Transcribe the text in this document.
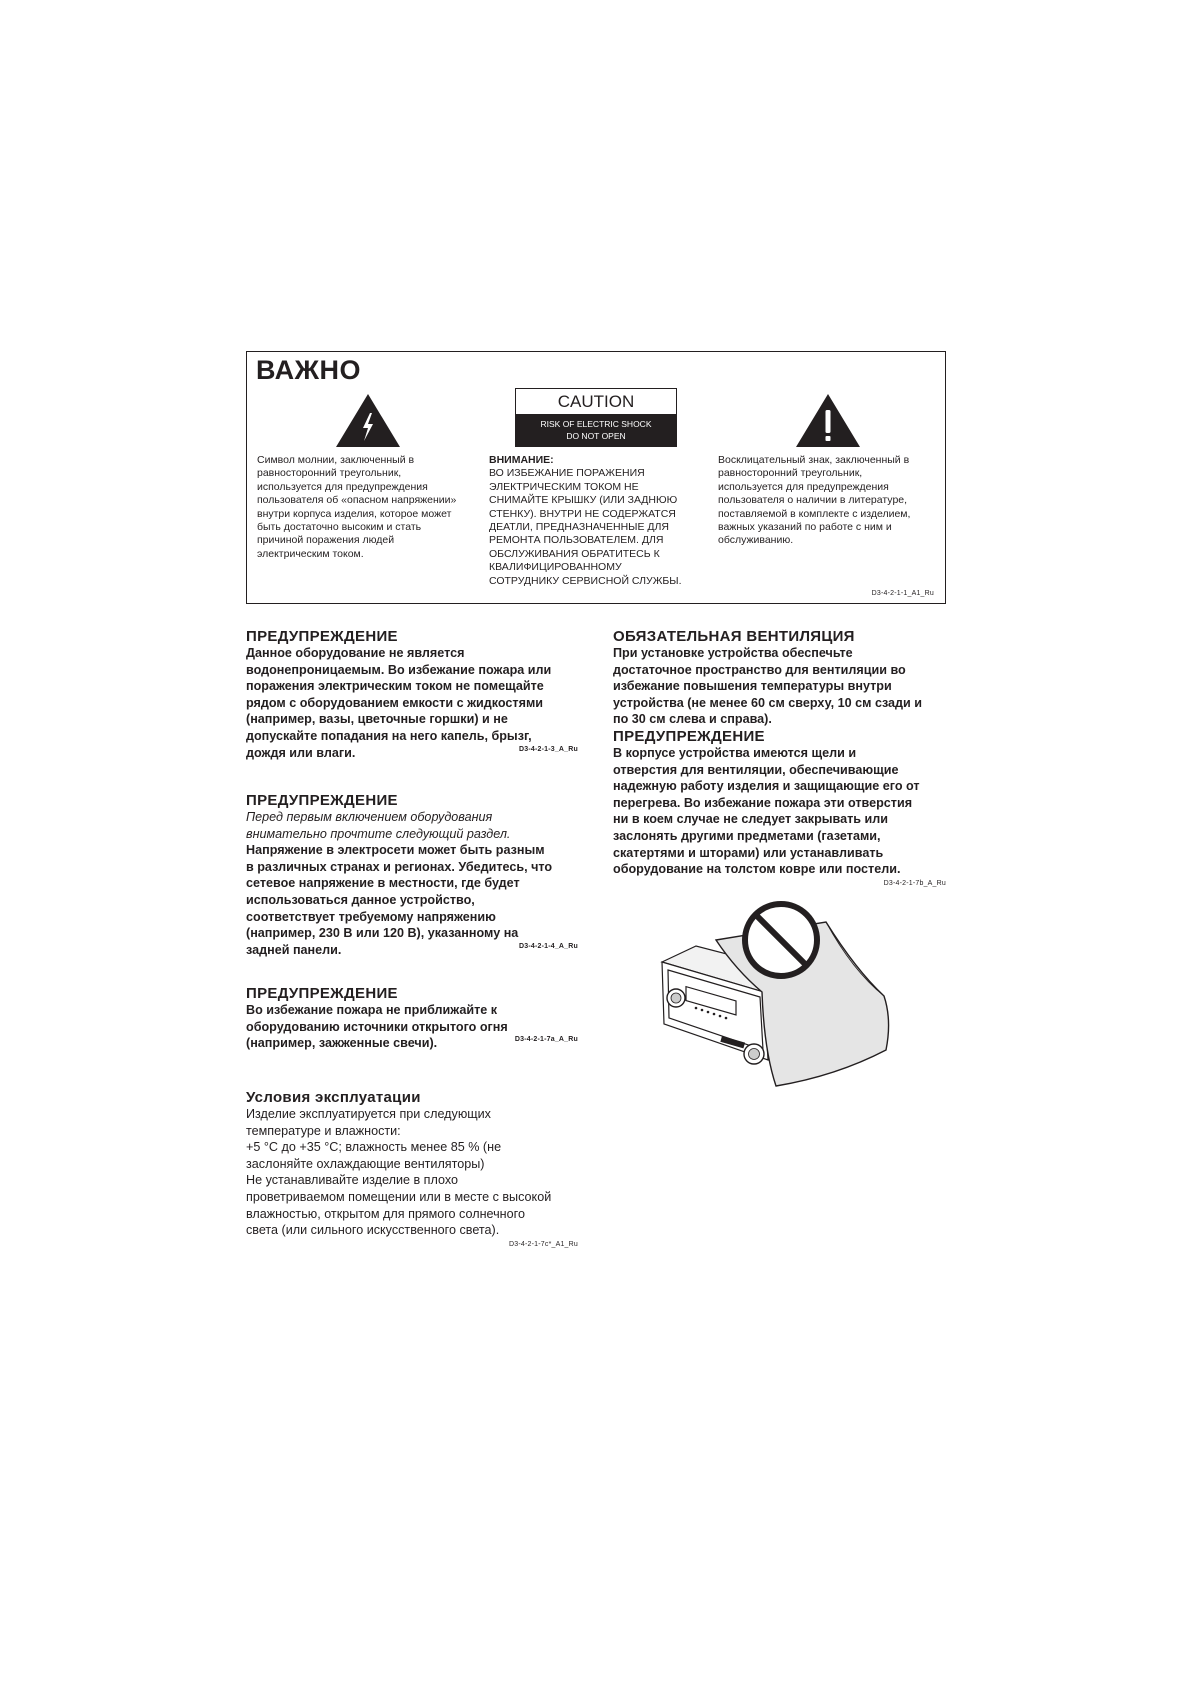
ВАЖНО
CAUTION
RISK OF ELECTRIC SHOCK
DO NOT OPEN
Символ молнии, заключенный в
равносторонний треугольник,
используется для предупреждения
пользователя об «опасном напряжении»
внутри корпуса изделия, которое может
быть достаточно высоким и стать
причиной поражения людей
электрическим током.
ВНИМАНИЕ:
ВО ИЗБЕЖАНИЕ ПОРАЖЕНИЯ
ЭЛЕКТРИЧЕСКИМ ТОКОМ НЕ
СНИМАЙТЕ КРЫШКУ (ИЛИ ЗАДНЮЮ
СТЕНКУ). ВНУТРИ НЕ СОДЕРЖАТСЯ
ДЕАТЛИ, ПРЕДНАЗНАЧЕННЫЕ ДЛЯ
РЕМОНТА ПОЛЬЗОВАТЕЛЕМ. ДЛЯ
ОБСЛУЖИВАНИЯ ОБРАТИТЕСЬ К
КВАЛИФИЦИРОВАННОМУ
СОТРУДНИКУ СЕРВИСНОЙ СЛУЖБЫ.
Восклицательный знак, заключенный в
равносторонний треугольник,
используется для предупреждения
пользователя о наличии в литературе,
поставляемой в комплекте с изделием,
важных указаний по работе с ним и
обслуживанию.
D3-4-2-1-1_A1_Ru
ПРЕДУПРЕЖДЕНИЕ
Данное оборудование не является
водонепроницаемым. Во избежание пожара или
поражения электрическим током не помещайте
рядом с оборудованием емкости с жидкостями
(например, вазы, цветочные горшки) и не
допускайте попадания на него капель, брызг,
дождя или влаги.	D3-4-2-1-3_A_Ru
ПРЕДУПРЕЖДЕНИЕ
Перед первым включением оборудования
внимательно прочтите следующий раздел.
Напряжение в электросети может быть разным
в различных странах и регионах. Убедитесь, что
сетевое напряжение в местности, где будет
использоваться данное устройство,
соответствует требуемому напряжению
(например, 230 В или 120 В), указанному на
задней панели.	D3-4-2-1-4_A_Ru
ПРЕДУПРЕЖДЕНИЕ
Во избежание пожара не приближайте к
оборудованию источники открытого огня
(например, зажженные свечи).	D3-4-2-1-7a_A_Ru
Условия эксплуатации
Изделие эксплуатируется при следующих
температуре и влажности:
+5 °C до +35 °C; влажность менее 85 % (не
заслоняйте охлаждающие вентиляторы)
Не устанавливайте изделие в плохо
проветриваемом помещении или в месте с высокой
влажностью, открытом для прямого солнечного
света (или сильного искусственного света).
D3-4-2-1-7c*_A1_Ru
ОБЯЗАТЕЛЬНАЯ ВЕНТИЛЯЦИЯ
При установке устройства обеспечьте
достаточное пространство для вентиляции во
избежание повышения температуры внутри
устройства (не менее 60 см сверху, 10 см сзади и
по 30 см слева и справа).
ПРЕДУПРЕЖДЕНИЕ
В корпусе устройства имеются щели и
отверстия для вентиляции, обеспечивающие
надежную работу изделия и защищающие его от
перегрева. Во избежание пожара эти отверстия
ни в коем случае не следует закрывать или
заслонять другими предметами (газетами,
скатертями и шторами) или устанавливать
оборудование на толстом ковре или постели.
D3-4-2-1-7b_A_Ru
